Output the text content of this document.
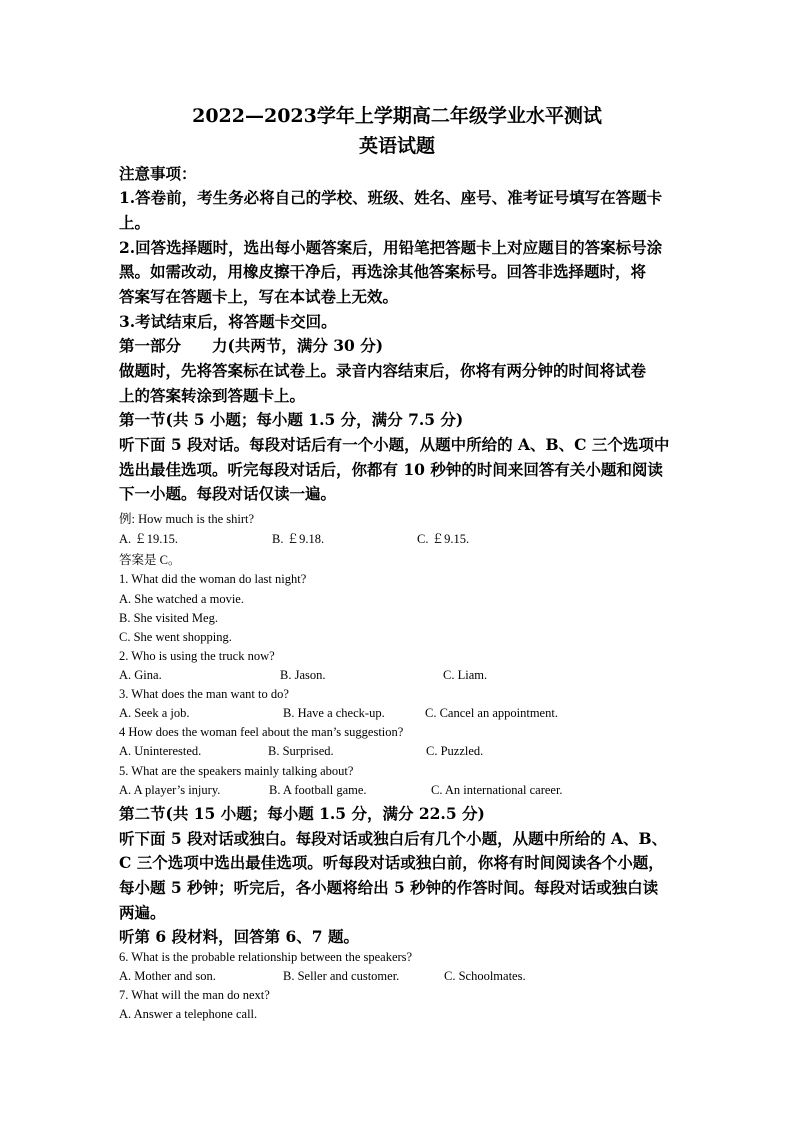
2022—2023学年上学期高二年级学业水平测试
英语试题
注意事项：
1.答卷前，考生务必将自己的学校、班级、姓名、座号、准考证号填写在答题卡
上。
2.回答选择题时，选出每小题答案后，用铅笔把答题卡上对应题目的答案标号涂
黑。如需改动，用橡皮擦干净后，再选涂其他答案标号。回答非选择题时，将
答案写在答题卡上，写在本试卷上无效。
3.考试结束后，将答题卡交回。
第一部分　　力(共两节，满分 30 分)
做题时，先将答案标在试卷上。录音内容结束后，你将有两分钟的时间将试卷
上的答案转涂到答题卡上。
第一节(共 5 小题；每小题 1.5 分，满分 7.5 分)
听下面 5 段对话。每段对话后有一个小题，从题中所给的 A、B、C 三个选项中
选出最佳选项。听完每段对话后，你都有 10 秒钟的时间来回答有关小题和阅读
下一小题。每段对话仅读一遍。
例: How much is the shirt?
A. ￡19.15.	B. ￡9.18.	C. ￡9.15.
答案是 C。
1. What did the woman do last night?
A. She watched a movie.
B. She visited Meg.
C. She went shopping.
2. Who is using the truck now?
A. Gina.	B. Jason.	C. Liam.
3. What does the man want to do?
A. Seek a job.	B. Have a check-up.	C. Cancel an appointment.
4 How does the woman feel about the man’s suggestion?
A. Uninterested.	B. Surprised.	C. Puzzled.
5. What are the speakers mainly talking about?
A. A player’s injury.	B. A football game.	C. An international career.
第二节(共 15 小题；每小题 1.5 分，满分 22.5 分)
听下面 5 段对话或独白。每段对话或独白后有几个小题，从题中所给的 A、B、
C 三个选项中选出最佳选项。听每段对话或独白前，你将有时间阅读各个小题，
每小题 5 秒钟；听完后，各小题将给出 5 秒钟的作答时间。每段对话或独白读
两遍。
听第 6 段材料，回答第 6、7 题。
6. What is the probable relationship between the speakers?
A. Mother and son.	B. Seller and customer.	C. Schoolmates.
7. What will the man do next?
A. Answer a telephone call.
